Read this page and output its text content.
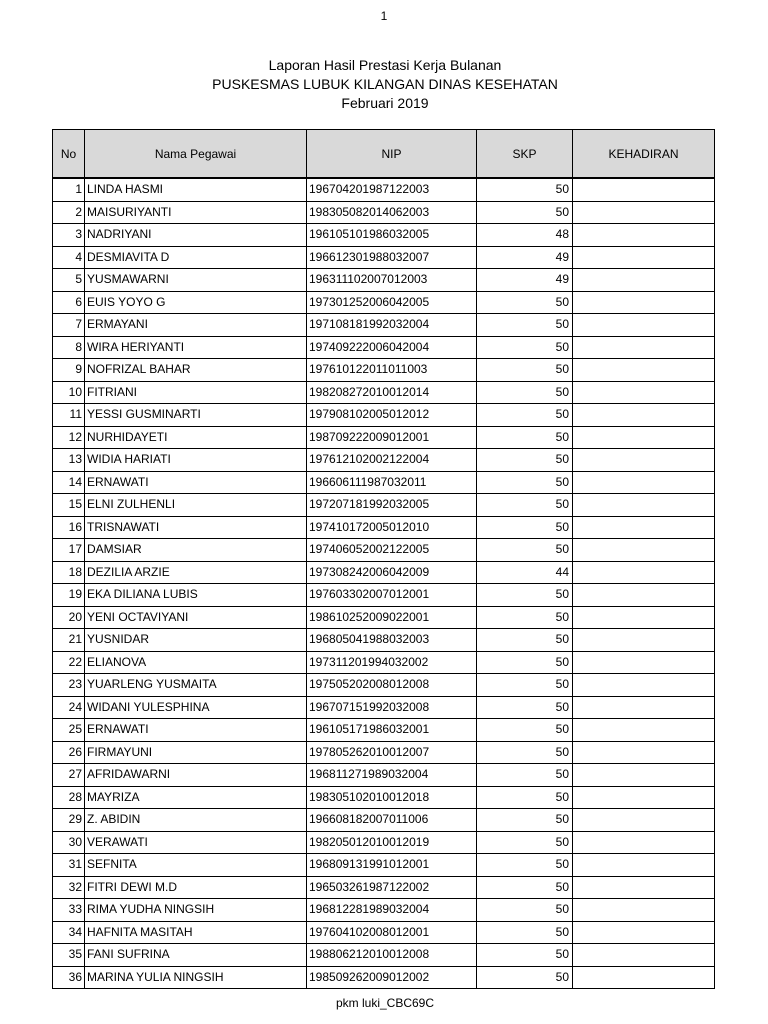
1
Laporan Hasil Prestasi Kerja Bulanan
PUSKESMAS LUBUK KILANGAN DINAS KESEHATAN
Februari 2019
No	Nama Pegawai	NIP	SKP	KEHADIRAN
1	LINDA HASMI	196704201987122003	50	
2	MAISURIYANTI	198305082014062003	50	
3	NADRIYANI	196105101986032005	48	
4	DESMIAVITA D	196612301988032007	49	
5	YUSMAWARNI	196311102007012003	49	
6	EUIS YOYO G	197301252006042005	50	
7	ERMAYANI	197108181992032004	50	
8	WIRA HERIYANTI	197409222006042004	50	
9	NOFRIZAL BAHAR	197610122011011003	50	
10	FITRIANI	198208272010012014	50	
11	YESSI GUSMINARTI	197908102005012012	50	
12	NURHIDAYETI	198709222009012001	50	
13	WIDIA HARIATI	197612102002122004	50	
14	ERNAWATI	196606111987032011	50	
15	ELNI ZULHENLI	197207181992032005	50	
16	TRISNAWATI	197410172005012010	50	
17	DAMSIAR	197406052002122005	50	
18	DEZILIA ARZIE	197308242006042009	44	
19	EKA DILIANA LUBIS	197603302007012001	50	
20	YENI OCTAVIYANI	198610252009022001	50	
21	YUSNIDAR	196805041988032003	50	
22	ELIANOVA	197311201994032002	50	
23	YUARLENG YUSMAITA	197505202008012008	50	
24	WIDANI YULESPHINA	196707151992032008	50	
25	ERNAWATI	196105171986032001	50	
26	FIRMAYUNI	197805262010012007	50	
27	AFRIDAWARNI	196811271989032004	50	
28	MAYRIZA	198305102010012018	50	
29	Z. ABIDIN	196608182007011006	50	
30	VERAWATI	198205012010012019	50	
31	SEFNITA	196809131991012001	50	
32	FITRI DEWI M.D	196503261987122002	50	
33	RIMA YUDHA NINGSIH	196812281989032004	50	
34	HAFNITA MASITAH	197604102008012001	50	
35	FANI SUFRINA	198806212010012008	50	
36	MARINA YULIA NINGSIH	198509262009012002	50	
pkm luki_CBC69C
